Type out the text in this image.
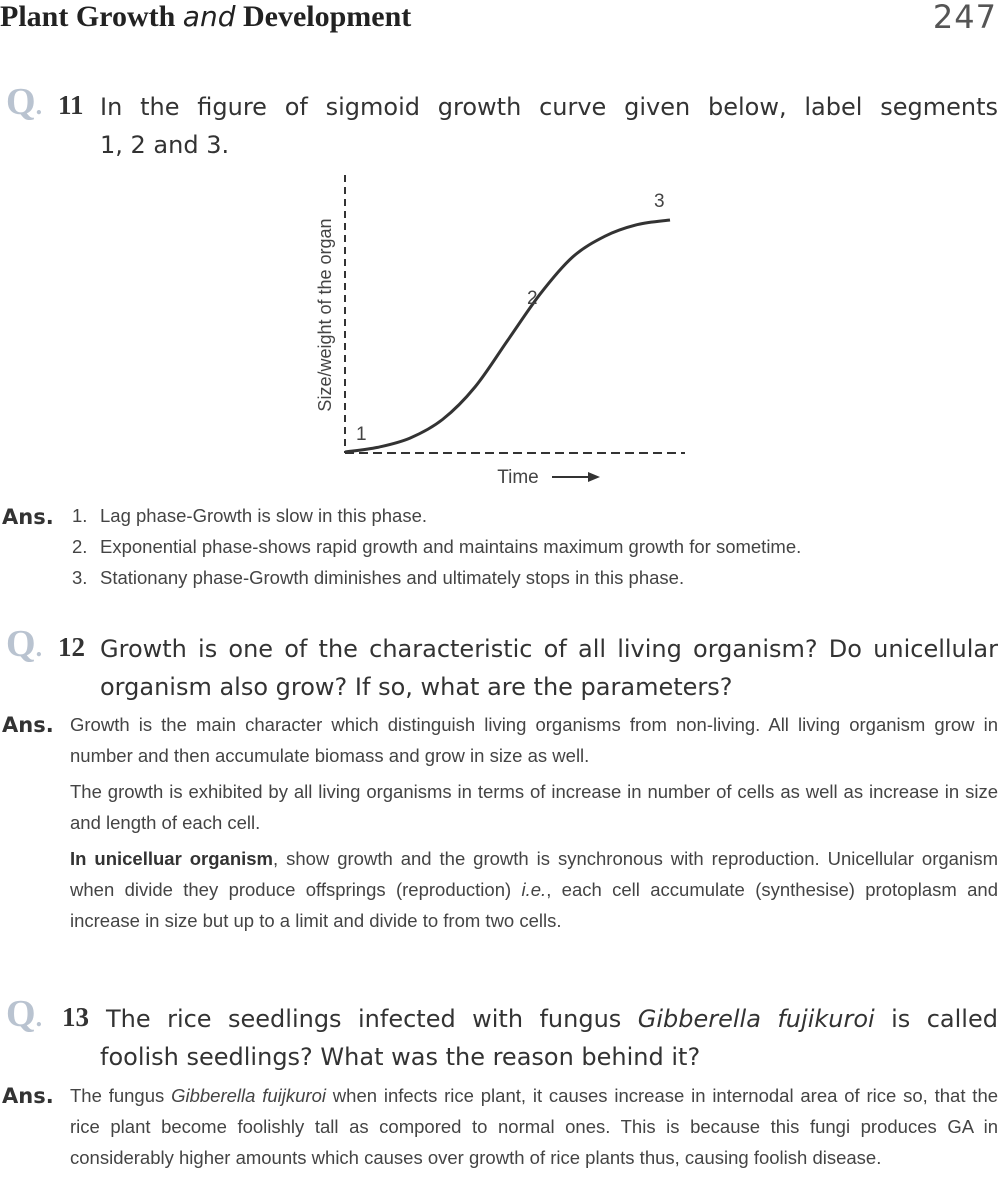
Plant Growth and Development	247
Q. 11 In the figure of sigmoid growth curve given below, label segments
1, 2 and 3.
Size/weight of the organ
Time
1
2
3
Ans. 1. Lag phase-Growth is slow in this phase.
2. Exponential phase-shows rapid growth and maintains maximum growth for sometime.
3. Stationany phase-Growth diminishes and ultimately stops in this phase.
Q. 12 Growth is one of the characteristic of all living organism? Do unicellular
organism also grow? If so, what are the parameters?
Ans. Growth is the main character which distinguish living organisms from non-living. All living organism grow in number and then accumulate biomass and grow in size as well.
The growth is exhibited by all living organisms in terms of increase in number of cells as well as increase in size and length of each cell.
In unicelluar organism, show growth and the growth is synchronous with reproduction. Unicellular organism when divide they produce offsprings (reproduction) i.e., each cell accumulate (synthesise) protoplasm and increase in size but up to a limit and divide to from two cells.
Q. 13 The rice seedlings infected with fungus Gibberella fujikuroi is called
foolish seedlings? What was the reason behind it?
Ans. The fungus Gibberella fuijkuroi when infects rice plant, it causes increase in internodal area of rice so, that the rice plant become foolishly tall as compored to normal ones. This is because this fungi produces GA in considerably higher amounts which causes over growth of rice plants thus, causing foolish disease.
